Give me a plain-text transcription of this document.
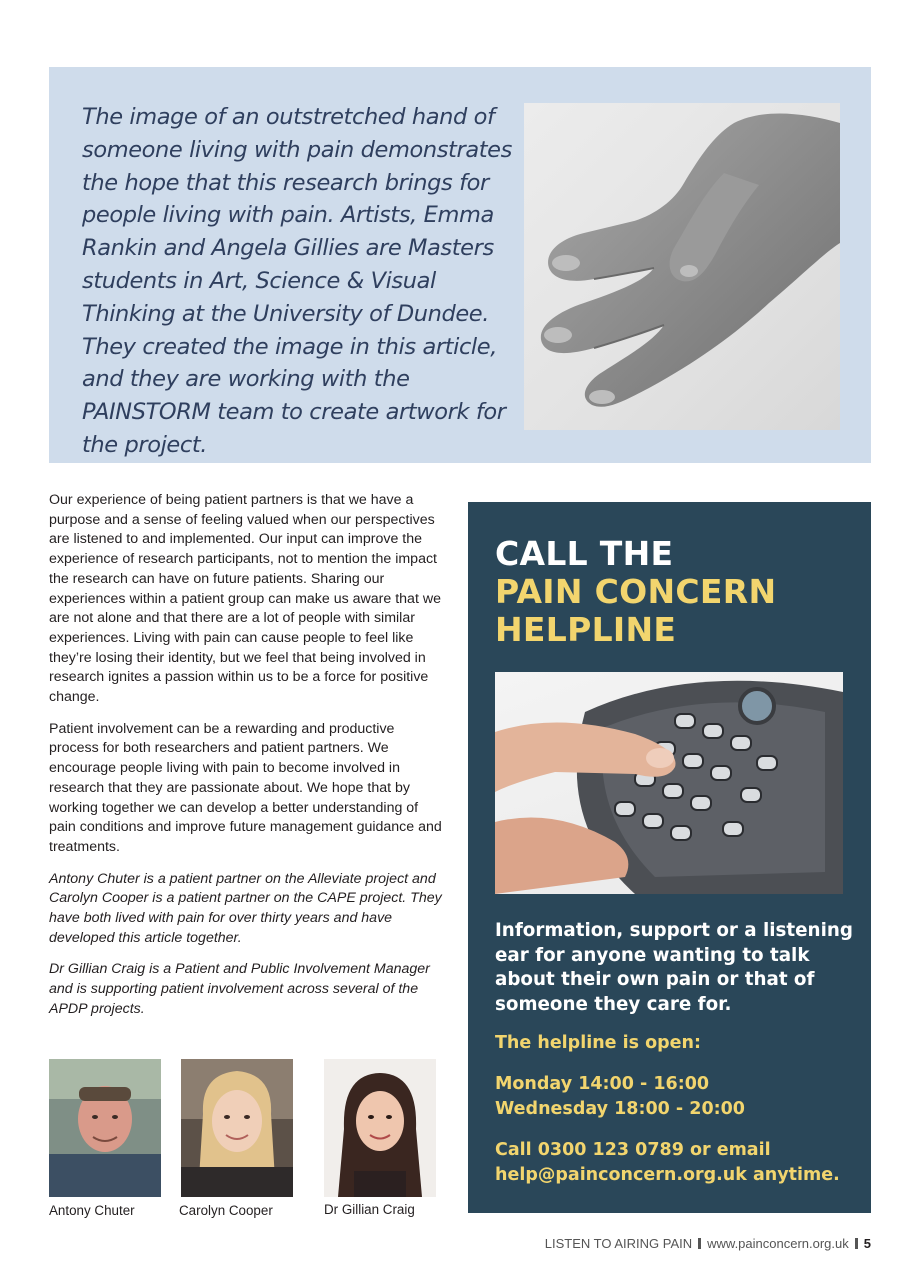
The image of an outstretched hand of someone living with pain demonstrates the hope that this research brings for people living with pain. Artists, Emma Rankin and Angela Gillies are Masters students in Art, Science & Visual Thinking at the University of Dundee. They created the image in this article, and they are working with the PAINSTORM team to create artwork for the project.

Our experience of being patient partners is that we have a purpose and a sense of feeling valued when our perspectives are listened to and implemented. Our input can improve the experience of research participants, not to mention the impact the research can have on future patients. Sharing our experiences within a patient group can make us aware that we are not alone and that there are a lot of people with similar experiences. Living with pain can cause people to feel like they’re losing their identity, but we feel that being involved in research ignites a passion within us to be a force for positive change.

Patient involvement can be a rewarding and productive process for both researchers and patient partners. We encourage people living with pain to become involved in research that they are passionate about. We hope that by working together we can develop a better understanding of pain conditions and improve future management guidance and treatments.

Antony Chuter is a patient partner on the Alleviate project and Carolyn Cooper is a patient partner on the CAPE project. They have both lived with pain for over thirty years and have developed this article together.

Dr Gillian Craig is a Patient and Public Involvement Manager and is supporting patient involvement across several of the APDP projects.

Antony Chuter	Carolyn Cooper	Dr Gillian Craig
CALL THE
PAIN CONCERN
HELPLINE

Information, support or a listening ear for anyone wanting to talk about their own pain or that of someone they care for.

The helpline is open:

Monday 14:00 - 16:00
Wednesday 18:00 - 20:00

Call 0300 123 0789 or email
help@painconcern.org.uk anytime.

LISTEN TO AIRING PAIN www.painconcern.org.uk 5
